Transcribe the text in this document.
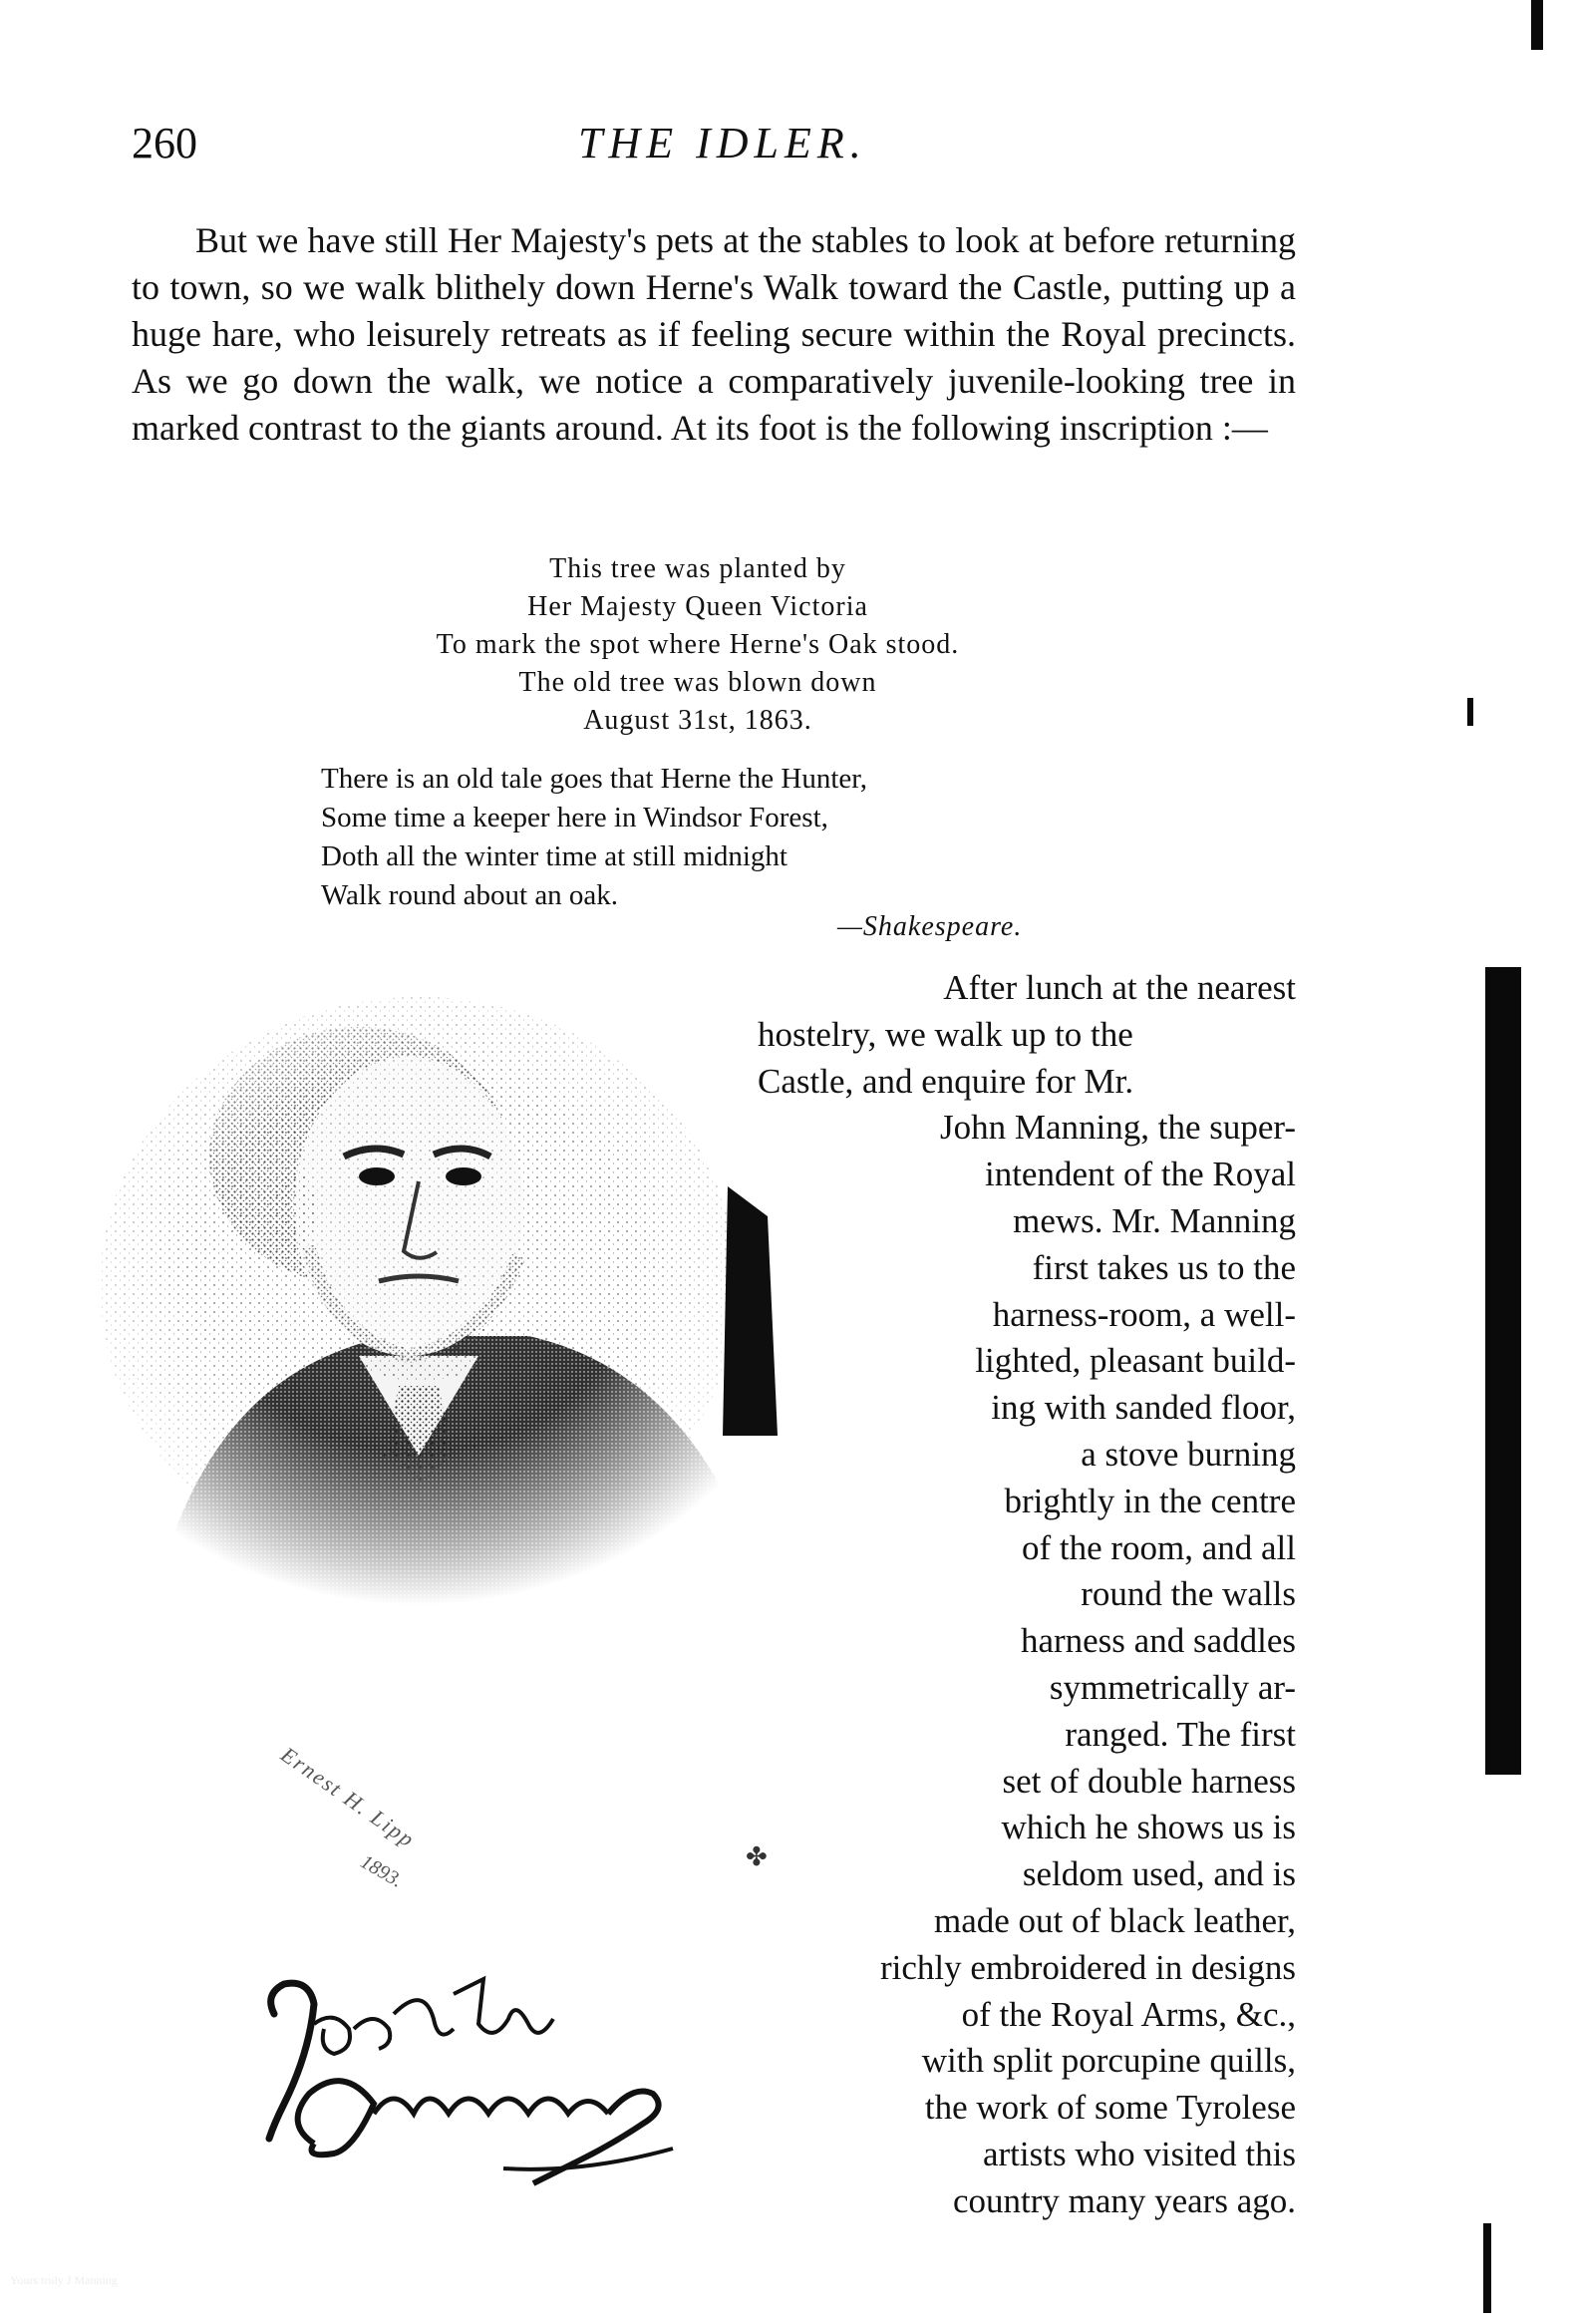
260	THE IDLER.

But we have still Her Majesty's pets at the stables to look at before returning to town, so we walk blithely down Herne's Walk toward the Castle, putting up a huge hare, who leisurely retreats as if feeling secure within the Royal precincts. As we go down the walk, we notice a comparatively juvenile-looking tree in marked contrast to the giants around. At its foot is the following inscription :—

This tree was planted by
Her Majesty Queen Victoria
To mark the spot where Herne's Oak stood.
The old tree was blown down
August 31st, 1863.
There is an old tale goes that Herne the Hunter,
Some time a keeper here in Windsor Forest,
Doth all the winter time at still midnight
Walk round about an oak.
—Shakespeare.
Ernest H. Lipp
1893.	✤
After lunch at the nearest
hostelry, we walk up to the
Castle, and enquire for Mr.
John Manning, the super-
intendent of the Royal
mews. Mr. Manning
first takes us to the
harness-room, a well-
lighted, pleasant build-
ing with sanded floor,
a stove burning
brightly in the centre
of the room, and all
round the walls
harness and saddles
symmetrically ar-
ranged. The first
set of double harness
which he shows us is
seldom used, and is
made out of black leather,
richly embroidered in designs
of the Royal Arms, &c.,
with split porcupine quills,
the work of some Tyrolese
artists who visited this
country many years ago.
Yours truly J Manning
